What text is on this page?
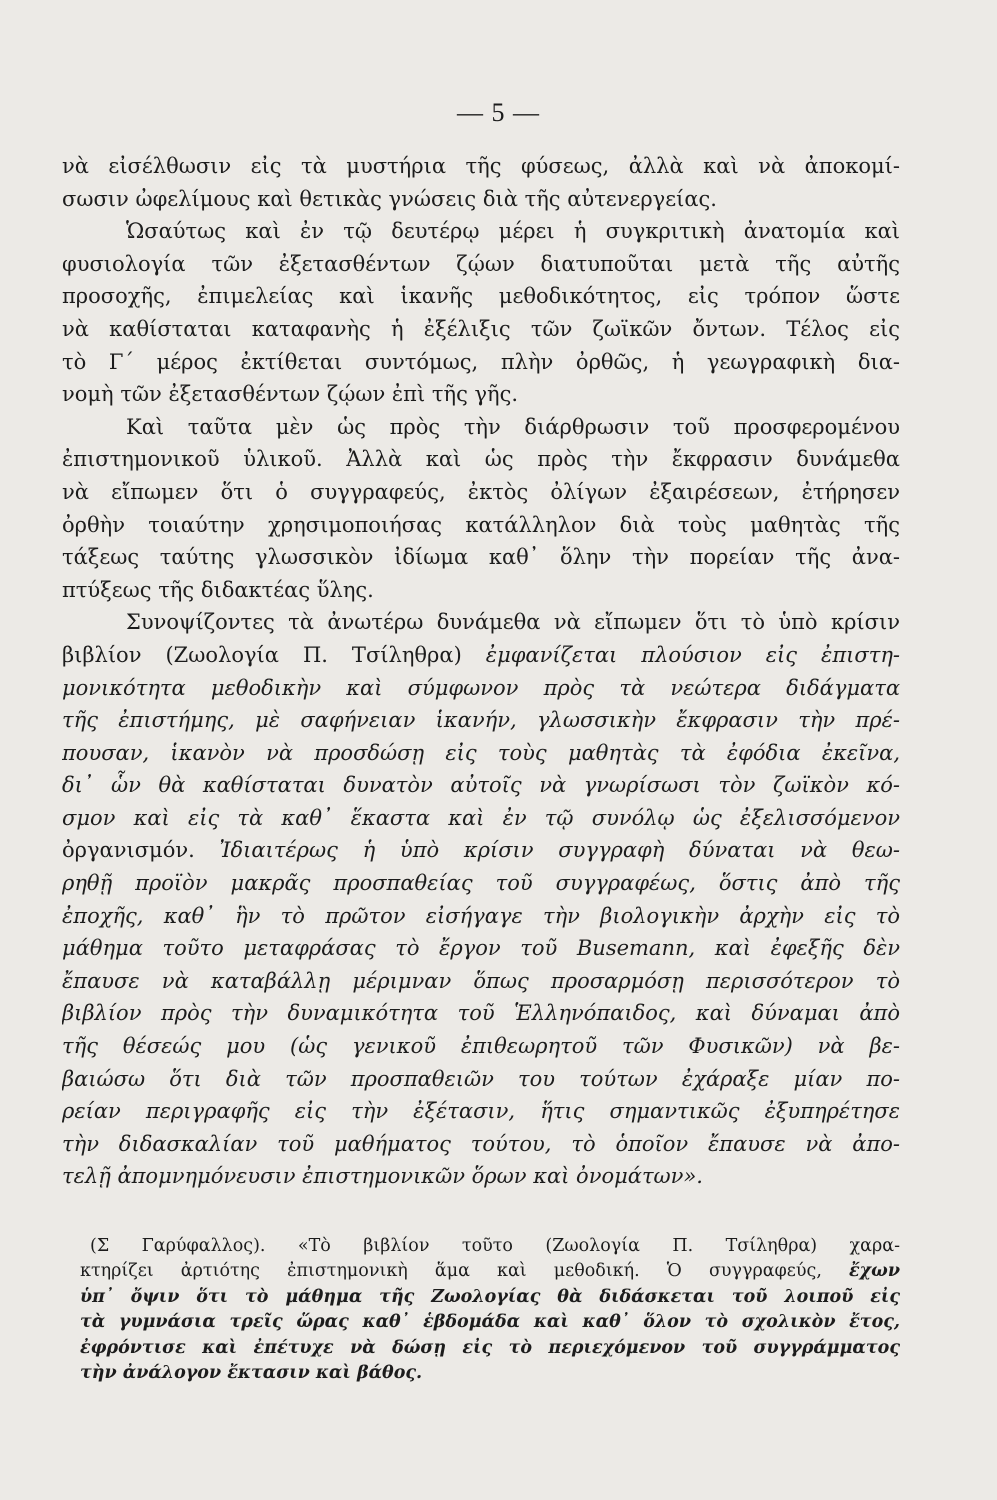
— 5 —
νὰ εἰσέλθωσιν εἰς τὰ μυστήρια τῆς φύσεως, ἀλλὰ καὶ νὰ ἀποκομί-
σωσιν ὠφελίμους καὶ θετικὰς γνώσεις διὰ τῆς αὐτενεργείας.
Ὡσαύτως καὶ ἐν τῷ δευτέρῳ μέρει ἡ συγκριτικὴ ἀνατομία καὶ
φυσιολογία τῶν ἐξετασθέντων ζῴων διατυποῦται μετὰ τῆς αὐτῆς
προσοχῆς, ἐπιμελείας καὶ ἱκανῆς μεθοδικότητος, εἰς τρόπον ὥστε
νὰ καθίσταται καταφανὴς ἡ ἐξέλιξις τῶν ζωϊκῶν ὄντων. Τέλος εἰς
τὸ Γ΄ μέρος ἐκτίθεται συντόμως, πλὴν ὀρθῶς, ἡ γεωγραφικὴ δια-
νομὴ τῶν ἐξετασθέντων ζῴων ἐπὶ τῆς γῆς.
Καὶ ταῦτα μὲν ὡς πρὸς τὴν διάρθρωσιν τοῦ προσφερομένου
ἐπιστημονικοῦ ὑλικοῦ. Ἀλλὰ καὶ ὡς πρὸς τὴν ἔκφρασιν δυνάμεθα
νὰ εἴπωμεν ὅτι ὁ συγγραφεύς, ἐκτὸς ὀλίγων ἐξαιρέσεων, ἐτήρησεν
ὀρθὴν τοιαύτην χρησιμοποιήσας κατάλληλον διὰ τοὺς μαθητὰς τῆς
τάξεως ταύτης γλωσσικὸν ἰδίωμα καθ᾽ ὅλην τὴν πορείαν τῆς ἀνα-
πτύξεως τῆς διδακτέας ὕλης.
Συνοψίζοντες τὰ ἀνωτέρω δυνάμεθα νὰ εἴπωμεν ὅτι τὸ ὑπὸ κρίσιν
βιβλίον (Ζωολογία Π. Τσίληθρα) ἐμφανίζεται πλούσιον εἰς ἐπιστη-
μονικότητα μεθοδικὴν καὶ σύμφωνον πρὸς τὰ νεώτερα διδάγματα
τῆς ἐπιστήμης, μὲ σαφήνειαν ἱκανήν, γλωσσικὴν ἔκφρασιν τὴν πρέ-
πουσαν, ἱκανὸν νὰ προσδώσῃ εἰς τοὺς μαθητὰς τὰ ἐφόδια ἐκεῖνα,
δι᾽ ὧν θὰ καθίσταται δυνατὸν αὐτοῖς νὰ γνωρίσωσι τὸν ζωϊκὸν κό-
σμον καὶ εἰς τὰ καθ᾽ ἕκαστα καὶ ἐν τῷ συνόλῳ ὡς ἐξελισσόμενον
ὀργανισμόν. Ἰδιαιτέρως ἡ ὑπὸ κρίσιν συγγραφὴ δύναται νὰ θεω-
ρηθῇ προϊὸν μακρᾶς προσπαθείας τοῦ συγγραφέως, ὅστις ἀπὸ τῆς
ἐποχῆς, καθ᾽ ἣν τὸ πρῶτον εἰσήγαγε τὴν βιολογικὴν ἀρχὴν εἰς τὸ
μάθημα τοῦτο μεταφράσας τὸ ἔργον τοῦ Busemann, καὶ ἐφεξῆς δὲν
ἔπαυσε νὰ καταβάλλῃ μέριμναν ὅπως προσαρμόσῃ περισσότερον τὸ
βιβλίον πρὸς τὴν δυναμικότητα τοῦ Ἑλληνόπαιδος, καὶ δύναμαι ἀπὸ
τῆς θέσεώς μου (ὡς γενικοῦ ἐπιθεωρητοῦ τῶν Φυσικῶν) νὰ βε-
βαιώσω ὅτι διὰ τῶν προσπαθειῶν του τούτων ἐχάραξε μίαν πο-
ρείαν περιγραφῆς εἰς τὴν ἐξέτασιν, ἥτις σημαντικῶς ἐξυπηρέτησε
τὴν διδασκαλίαν τοῦ μαθήματος τούτου, τὸ ὁποῖον ἔπαυσε νὰ ἀπο-
τελῇ ἀπομνημόνευσιν ἐπιστημονικῶν ὅρων καὶ ὀνομάτων».
(Σ Γαρύφαλλος). «Τὸ βιβλίον τοῦτο (Ζωολογία Π. Τσίληθρα) χαρα-
κτηρίζει ἀρτιότης ἐπιστημονικὴ ἅμα καὶ μεθοδική. Ὁ συγγραφεύς, ἔχων
ὑπ᾽ ὄψιν ὅτι τὸ μάθημα τῆς Ζωολογίας θὰ διδάσκεται τοῦ λοιποῦ εἰς
τὰ γυμνάσια τρεῖς ὥρας καθ᾽ ἑβδομάδα καὶ καθ᾽ ὅλον τὸ σχολικὸν ἔτος,
ἐφρόντισε καὶ ἐπέτυχε νὰ δώσῃ εἰς τὸ περιεχόμενον τοῦ συγγράμματος
τὴν ἀνάλογον ἔκτασιν καὶ βάθος.
